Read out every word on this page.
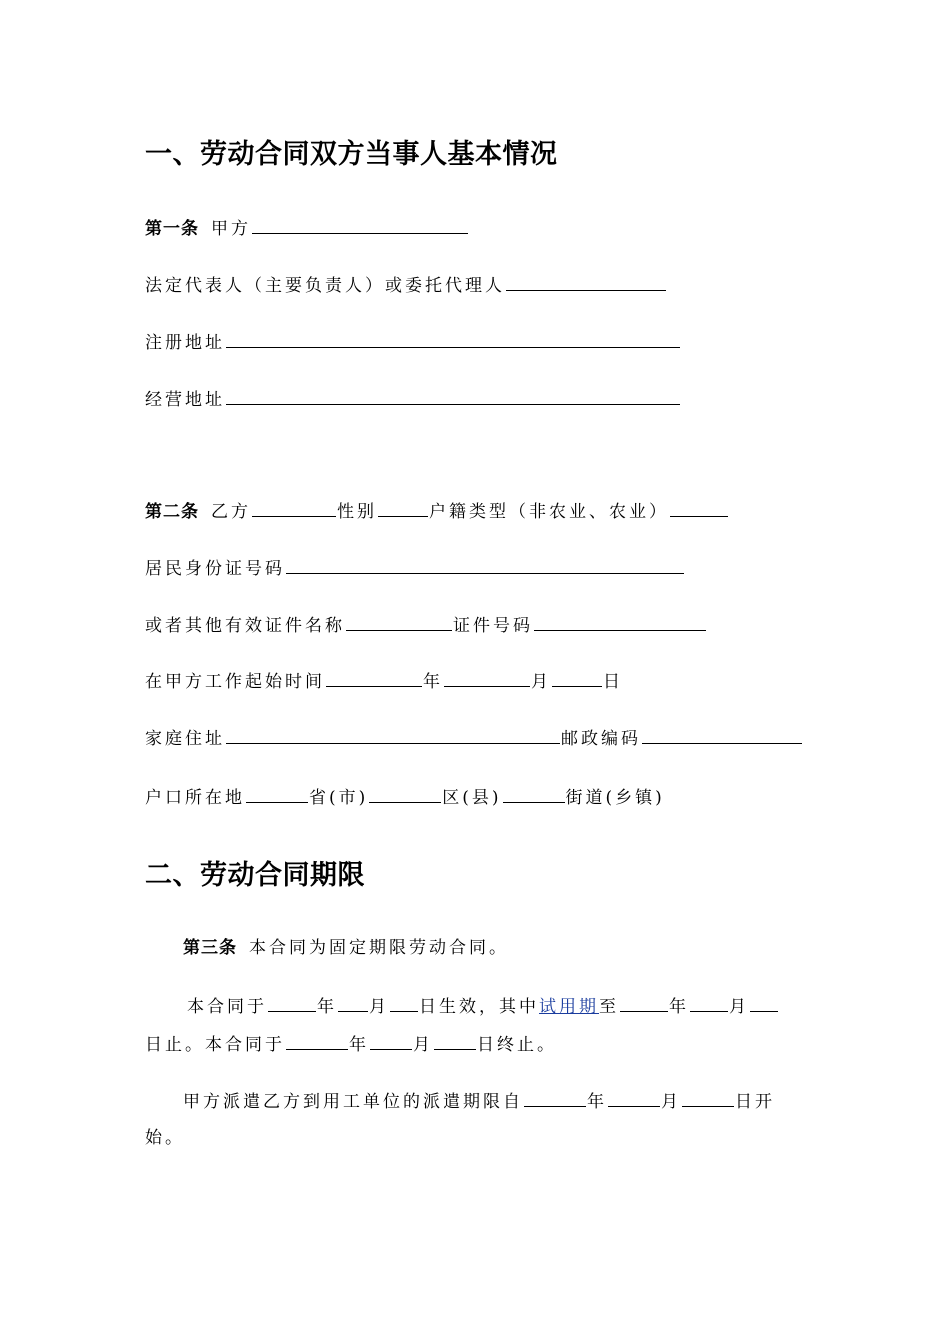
一、劳动合同双方当事人基本情况
第一条 甲方
法定代表人（主要负责人）或委托代理人
注册地址
经营地址
第二条 乙方	性别	户籍类型（非农业、农业）
居民身份证号码
或者其他有效证件名称	证件号码
在甲方工作起始时间	年	月	日
家庭住址	邮政编码
户口所在地	省(市)	区(县)	街道(乡镇)
二、劳动合同期限
第三条 本合同为固定期限劳动合同。
本合同于	年 月 日生效，其中试用期至	年 月
日止。本合同于	年	月	日终止。
甲方派遣乙方到用工单位的派遣期限自	年	月	日开
始。
